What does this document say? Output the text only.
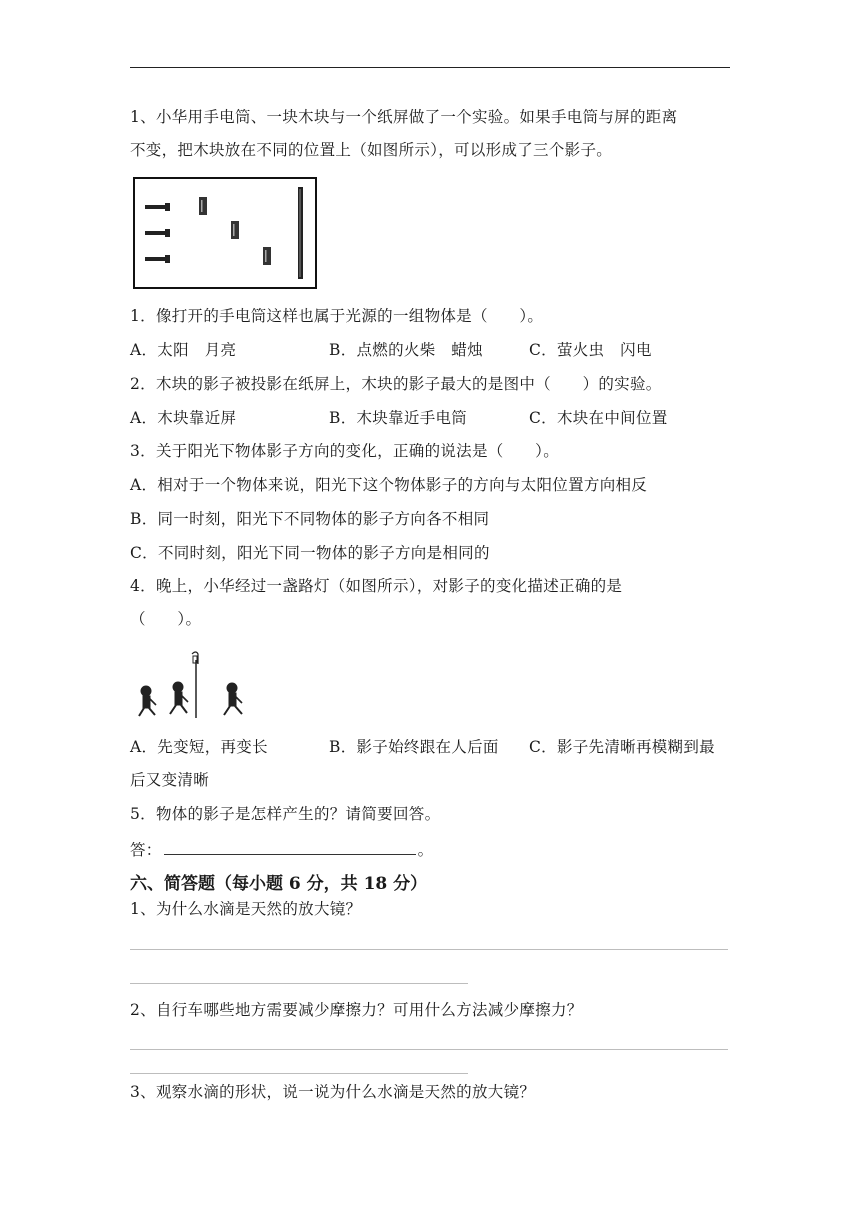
1、小华用手电筒、一块木块与一个纸屏做了一个实验。如果手电筒与屏的距离
不变，把木块放在不同的位置上（如图所示），可以形成了三个影子。
1．像打开的手电筒这样也属于光源的一组物体是（　　）。
A．太阳　月亮	B．点燃的火柴　蜡烛	C．萤火虫　闪电
2．木块的影子被投影在纸屏上，木块的影子最大的是图中（　　）的实验。
A．木块靠近屏	B．木块靠近手电筒	C．木块在中间位置
3．关于阳光下物体影子方向的变化，正确的说法是（　　）。
A．相对于一个物体来说，阳光下这个物体影子的方向与太阳位置方向相反
B．同一时刻，阳光下不同物体的影子方向各不相同
C．不同时刻，阳光下同一物体的影子方向是相同的
4．晚上，小华经过一盏路灯（如图所示），对影子的变化描述正确的是
（　　）。
A．先变短，再变长	B．影子始终跟在人后面 C．影子先清晰再模糊到最
后又变清晰
5．物体的影子是怎样产生的？请简要回答。
答：	。
六、简答题（每小题 6 分，共 18 分）
1、为什么水滴是天然的放大镜？
2、自行车哪些地方需要减少摩擦力？可用什么方法减少摩擦力？
3、观察水滴的形状，说一说为什么水滴是天然的放大镜？
